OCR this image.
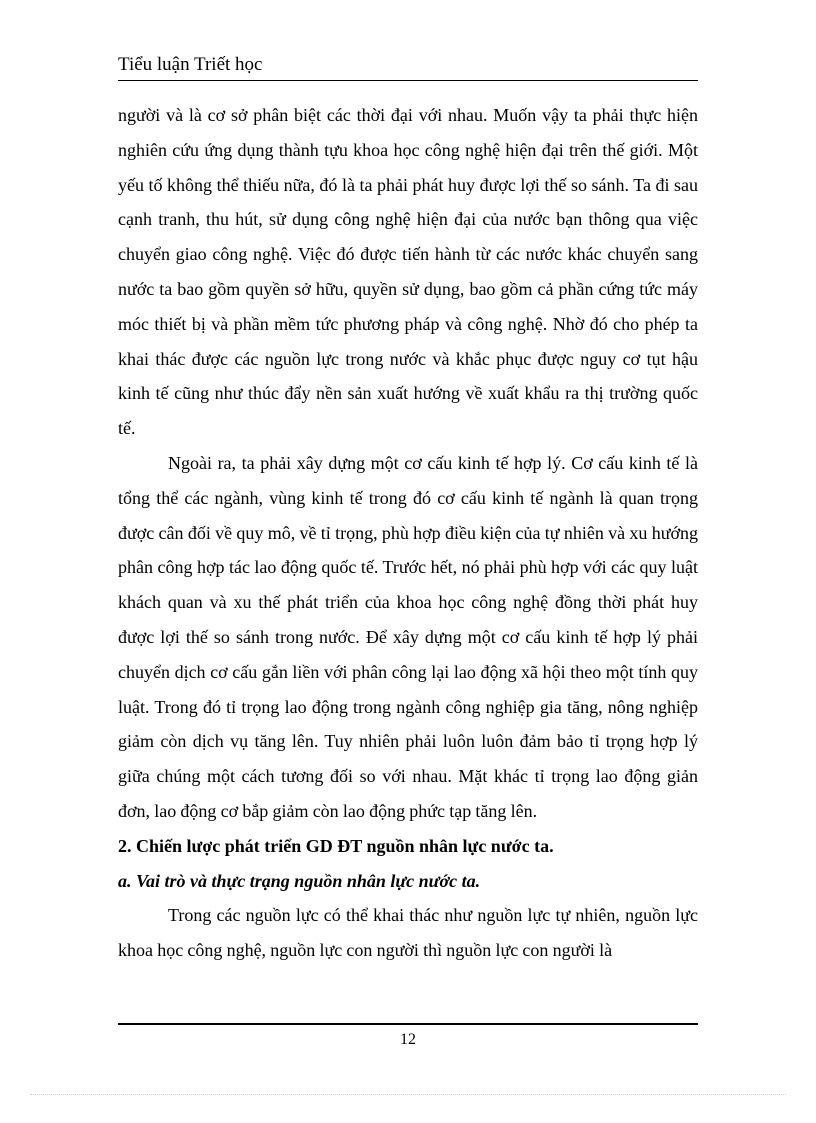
Tiểu luận Triết học

người và là cơ sở phân biệt các thời đại với nhau. Muốn vậy ta phải thực hiện nghiên cứu ứng dụng thành tựu khoa học công nghệ hiện đại trên thế giới. Một yếu tố không thể thiếu nữa, đó là ta phải phát huy được lợi thế so sánh. Ta đi sau cạnh tranh, thu hút, sử dụng công nghệ hiện đại của nước bạn thông qua việc chuyển giao công nghệ. Việc đó được tiến hành từ các nước khác chuyển sang nước ta bao gồm quyền sở hữu, quyền sử dụng, bao gồm cả phần cứng tức máy móc thiết bị và phần mềm tức phương pháp và công nghệ. Nhờ đó cho phép ta khai thác được các nguồn lực trong nước và khắc phục được nguy cơ tụt hậu kinh tế cũng như thúc đẩy nền sản xuất hướng về xuất khẩu ra thị trường quốc tế.

Ngoài ra, ta phải xây dựng một cơ cấu kinh tế hợp lý. Cơ cấu kinh tế là tổng thể các ngành, vùng kinh tế trong đó cơ cấu kinh tế ngành là quan trọng được cân đối về quy mô, về tỉ trọng, phù hợp điều kiện của tự nhiên và xu hướng phân công hợp tác lao động quốc tế. Trước hết, nó phải phù hợp với các quy luật khách quan và xu thế phát triển của khoa học công nghệ đồng thời phát huy được lợi thế so sánh trong nước. Để xây dựng một cơ cấu kinh tế hợp lý phải chuyển dịch cơ cấu gắn liền với phân công lại lao động xã hội theo một tính quy luật. Trong đó tỉ trọng lao động trong ngành công nghiệp gia tăng, nông nghiệp giảm còn dịch vụ tăng lên. Tuy nhiên phải luôn luôn đảm bảo tỉ trọng hợp lý giữa chúng một cách tương đối so với nhau. Mặt khác tỉ trọng lao động giản đơn, lao động cơ bắp giảm còn lao động phức tạp tăng lên.

2. Chiến lược phát triển GD ĐT nguồn nhân lực nước ta.

a. Vai trò và thực trạng nguồn nhân lực nước ta.

Trong các nguồn lực có thể khai thác như nguồn lực tự nhiên, nguồn lực khoa học công nghệ, nguồn lực con người thì nguồn lực con người là

12
